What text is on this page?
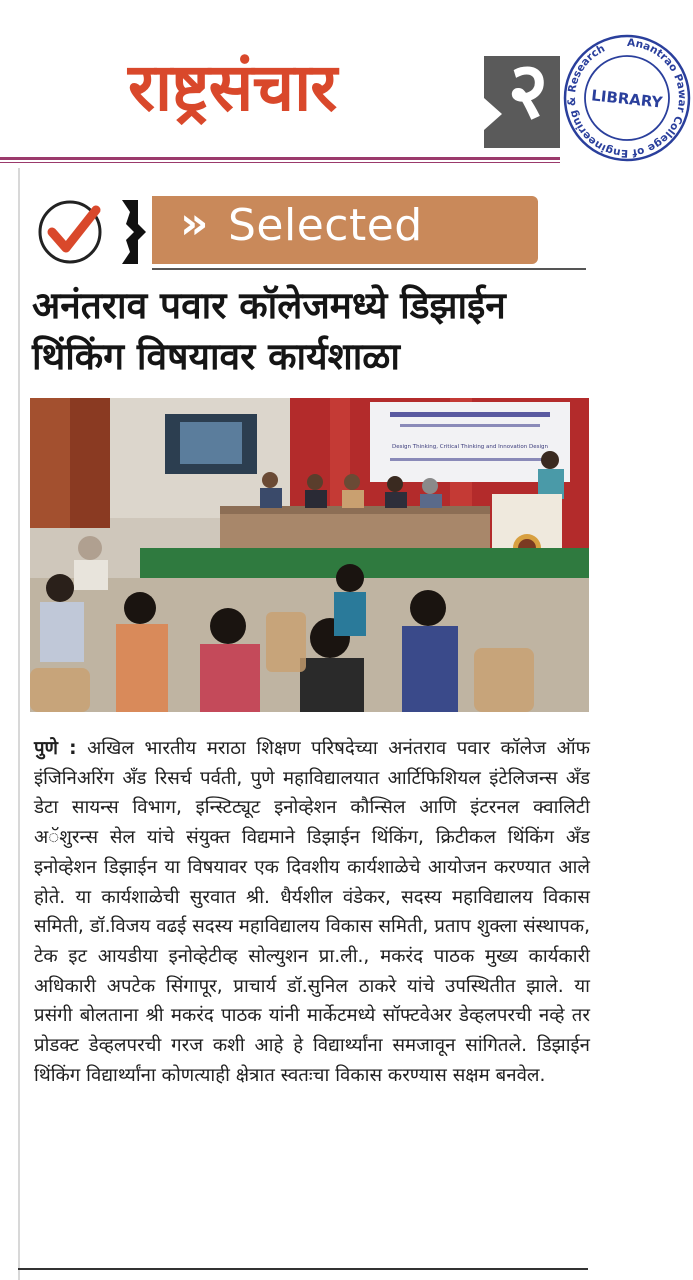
राष्ट्रसंचार २
Anantrao Pawar College of Engineering & Research
LIBRARY
» Selected
अनंतराव पवार कॉलेजमध्ये डिझाईन
थिंकिंग विषयावर कार्यशाळा
Design Thinking, Critical Thinking and Innovation Design
पुणे : अखिल भारतीय मराठा शिक्षण परिषदेच्या अनंतराव पवार कॉलेज ऑफ इंजिनिअरिंग अँड रिसर्च पर्वती, पुणे महाविद्यालयात आर्टिफिशियल इंटेलिजन्स अँड डेटा सायन्स विभाग, इन्स्टिट्यूट इनोव्हेशन कौन्सिल आणि इंटरनल क्वालिटी अॅशुरन्स सेल यांचे संयुक्त विद्यमाने डिझाईन थिंकिंग, क्रिटीकल थिंकिंग अँड इनोव्हेशन डिझाईन या विषयावर एक दिवशीय कार्यशाळेचे आयोजन करण्यात आले होते. या कार्यशाळेची सुरवात श्री. धैर्यशील वंडेकर, सदस्य महाविद्यालय विकास समिती, डॉ.विजय वढई सदस्य महाविद्यालय विकास समिती, प्रताप शुक्ला संस्थापक, टेक इट आयडीया इनोव्हेटीव्ह सोल्युशन प्रा.ली., मकरंद पाठक मुख्य कार्यकारी अधिकारी अपटेक सिंगापूर, प्राचार्य डॉ.सुनिल ठाकरे यांचे उपस्थितीत झाले. या प्रसंगी बोलताना श्री मकरंद पाठक यांनी मार्केटमध्ये सॉफ्टवेअर डेव्हलपरची नव्हे तर प्रोडक्ट डेव्हलपरची गरज कशी आहे हे विद्यार्थ्यांना समजावून सांगितले. डिझाईन थिंकिंग विद्यार्थ्यांना कोणत्याही क्षेत्रात स्वतःचा विकास करण्यास सक्षम बनवेल.
